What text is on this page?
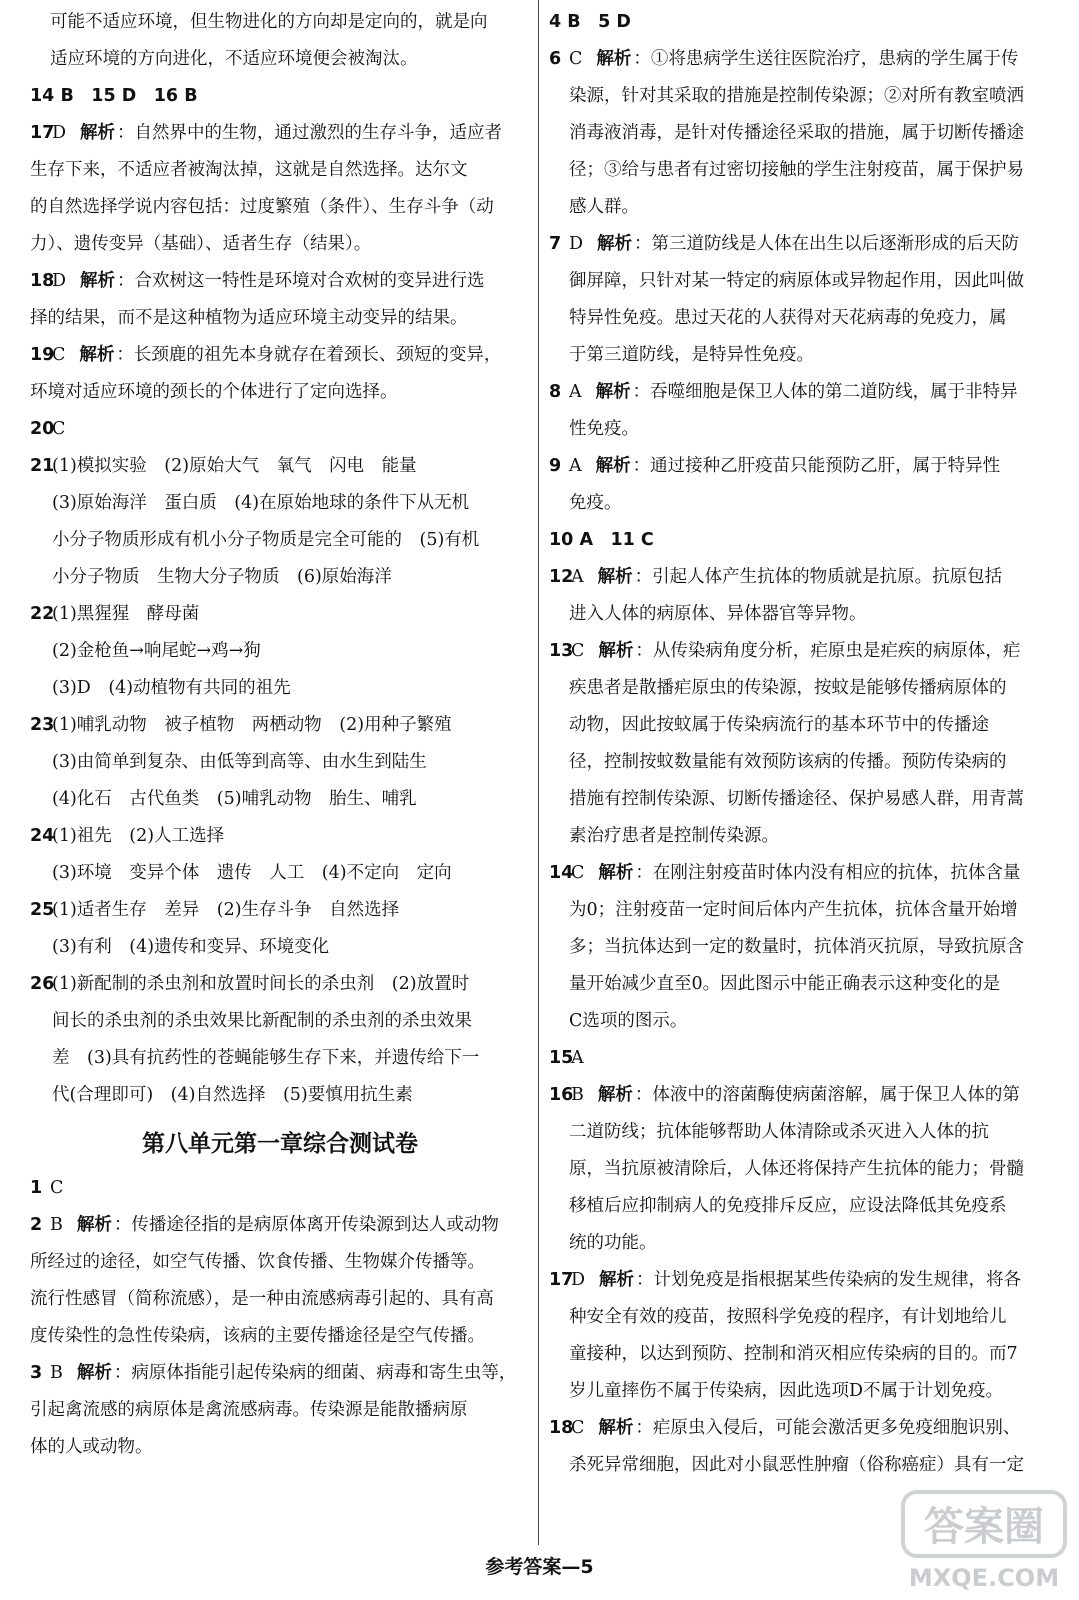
可能不适应环境，但生物进化的方向却是定向的，就是向
适应环境的方向进化，不适应环境便会被淘汰。
14 B　15 D　16 B
17
D 解析 ：自然界中的生物，通过激烈的生存斗争，适应者
生存下来，不适应者被淘汰掉，这就是自然选择。达尔文
的自然选择学说内容包括：过度繁殖（条件）、生存斗争（动
力）、遗传变异（基础）、适者生存（结果）。
18
D 解析 ：合欢树这一特性是环境对合欢树的变异进行选
择的结果，而不是这种植物为适应环境主动变异的结果。
19
C 解析 ：长颈鹿的祖先本身就存在着颈长、颈短的变异，
环境对适应环境的颈长的个体进行了定向选择。
20
C
21
(1)模拟实验　(2)原始大气　氧气　闪电　能量
(3)原始海洋　蛋白质　(4)在原始地球的条件下从无机
小分子物质形成有机小分子物质是完全可能的　(5)有机
小分子物质　生物大分子物质　(6)原始海洋
22
(1)黑猩猩　酵母菌
(2)金枪鱼→响尾蛇→鸡→狗
(3)D　(4)动植物有共同的祖先
23
(1)哺乳动物　被子植物　两栖动物　(2)用种子繁殖
(3)由简单到复杂、由低等到高等、由水生到陆生
(4)化石　古代鱼类　(5)哺乳动物　胎生、哺乳
24
(1)祖先　(2)人工选择
(3)环境　变异个体　遗传　人工　(4)不定向　定向
25
(1)适者生存　差异　(2)生存斗争　自然选择
(3)有利　(4)遗传和变异、环境变化
26
(1)新配制的杀虫剂和放置时间长的杀虫剂　(2)放置时
间长的杀虫剂的杀虫效果比新配制的杀虫剂的杀虫效果
差　(3)具有抗药性的苍蝇能够生存下来，并遗传给下一
代(合理即可)　(4)自然选择　(5)要慎用抗生素
第八单元第一章综合测试卷
1 C
2 B 解析 ：传播途径指的是病原体离开传染源到达人或动物
所经过的途径，如空气传播、饮食传播、生物媒介传播等。
流行性感冒（简称流感），是一种由流感病毒引起的、具有高
度传染性的急性传染病，该病的主要传播途径是空气传播。
3 B 解析 ：病原体指能引起传染病的细菌、病毒和寄生虫等，
引起禽流感的病原体是禽流感病毒。传染源是能散播病原
体的人或动物。
4 B　5 D
6 C 解析 ：①将患病学生送往医院治疗，患病的学生属于传
染源，针对其采取的措施是控制传染源；②对所有教室喷洒
消毒液消毒，是针对传播途径采取的措施，属于切断传播途
径；③给与患者有过密切接触的学生注射疫苗，属于保护易
感人群。
7 D 解析 ：第三道防线是人体在出生以后逐渐形成的后天防
御屏障，只针对某一特定的病原体或异物起作用，因此叫做
特异性免疫。患过天花的人获得对天花病毒的免疫力，属
于第三道防线，是特异性免疫。
8 A 解析 ：吞噬细胞是保卫人体的第二道防线，属于非特异
性免疫。
9 A 解析 ：通过接种乙肝疫苗只能预防乙肝，属于特异性
免疫。
10 A　11 C
12
A 解析 ：引起人体产生抗体的物质就是抗原。抗原包括
进入人体的病原体、异体器官等异物。
13
C 解析 ：从传染病角度分析，疟原虫是疟疾的病原体，疟
疾患者是散播疟原虫的传染源，按蚊是能够传播病原体的
动物，因此按蚊属于传染病流行的基本环节中的传播途
径，控制按蚊数量能有效预防该病的传播。预防传染病的
措施有控制传染源、切断传播途径、保护易感人群，用青蒿
素治疗患者是控制传染源。
14
C 解析 ：在刚注射疫苗时体内没有相应的抗体，抗体含量
为0；注射疫苗一定时间后体内产生抗体，抗体含量开始增
多；当抗体达到一定的数量时，抗体消灭抗原，导致抗原含
量开始减少直至0。因此图示中能正确表示这种变化的是
C选项的图示。
15
A
16
B 解析 ：体液中的溶菌酶使病菌溶解，属于保卫人体的第
二道防线；抗体能够帮助人体清除或杀灭进入人体的抗
原，当抗原被清除后，人体还将保持产生抗体的能力；骨髓
移植后应抑制病人的免疫排斥反应，应设法降低其免疫系
统的功能。
17
D 解析 ：计划免疫是指根据某些传染病的发生规律，将各
种安全有效的疫苗，按照科学免疫的程序，有计划地给儿
童接种，以达到预防、控制和消灭相应传染病的目的。而7
岁儿童摔伤不属于传染病，因此选项D不属于计划免疫。
18
C 解析 ：疟原虫入侵后，可能会激活更多免疫细胞识别、
杀死异常细胞，因此对小鼠恶性肿瘤（俗称癌症）具有一定
参考答案—5
答案圈
MXQE.COM
